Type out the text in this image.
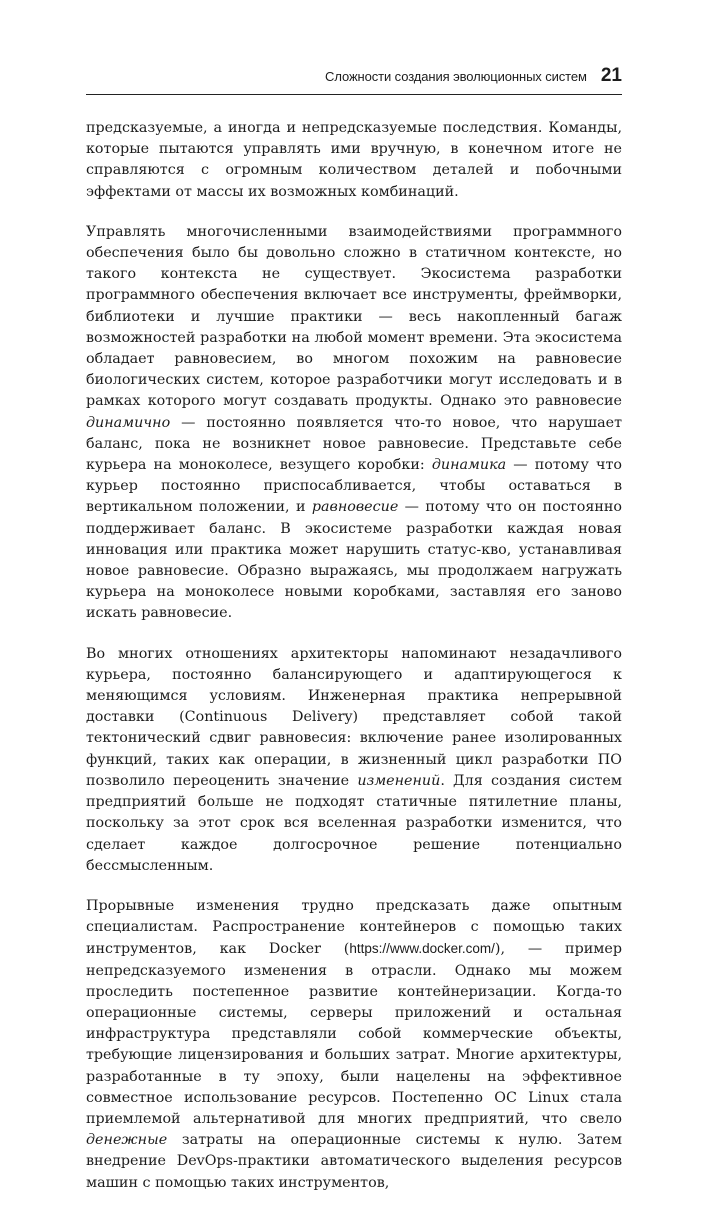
Сложности создания эволюционных систем 21

предсказуемые, а иногда и непредсказуемые последствия. Команды, которые пытаются управлять ими вручную, в конечном итоге не справляются с огромным количеством деталей и побочными эффектами от массы их возможных комбинаций.

Управлять многочисленными взаимодействиями программного обеспечения было бы довольно сложно в статичном контексте, но такого контекста не существует. Экосистема разработки программного обеспечения включает все инструменты, фреймворки, библиотеки и лучшие практики — весь накопленный багаж возможностей разработки на любой момент времени. Эта экосистема обладает равновесием, во многом похожим на равновесие биологических систем, которое разработчики могут исследовать и в рамках которого могут создавать продукты. Однако это равновесие динамично — постоянно появляется что-то новое, что нарушает баланс, пока не возникнет новое равновесие. Представьте себе курьера на моноколесе, везущего коробки: динамика — потому что курьер постоянно приспосабливается, чтобы оставаться в вертикальном положении, и равновесие — потому что он постоянно поддерживает баланс. В экосистеме разработки каждая новая инновация или практика может нарушить статус-кво, устанавливая новое равновесие. Образно выражаясь, мы продолжаем нагружать курьера на моноколесе новыми коробками, заставляя его заново искать равновесие.

Во многих отношениях архитекторы напоминают незадачливого курьера, постоянно балансирующего и адаптирующегося к меняющимся условиям. Инженерная практика непрерывной доставки (Continuous Delivery) представляет собой такой тектонический сдвиг равновесия: включение ранее изолированных функций, таких как операции, в жизненный цикл разработки ПО позволило переоценить значение изменений. Для создания систем предприятий больше не подходят статичные пятилетние планы, поскольку за этот срок вся вселенная разработки изменится, что сделает каждое долгосрочное решение потенциально бессмысленным.

Прорывные изменения трудно предсказать даже опытным специалистам. Распространение контейнеров с помощью таких инструментов, как Docker (https://www.docker.com/), — пример непредсказуемого изменения в отрасли. Однако мы можем проследить постепенное развитие контейнеризации. Когда-то операционные системы, серверы приложений и остальная инфраструктура представляли собой коммерческие объекты, требующие лицензирования и больших затрат. Многие архитектуры, разработанные в ту эпоху, были нацелены на эффективное совместное использование ресурсов. Постепенно ОС Linux стала приемлемой альтернативой для многих предприятий, что свело денежные затраты на операционные системы к нулю. Затем внедрение DevOps-практики автоматического выделения ресурсов машин с помощью таких инструментов,
